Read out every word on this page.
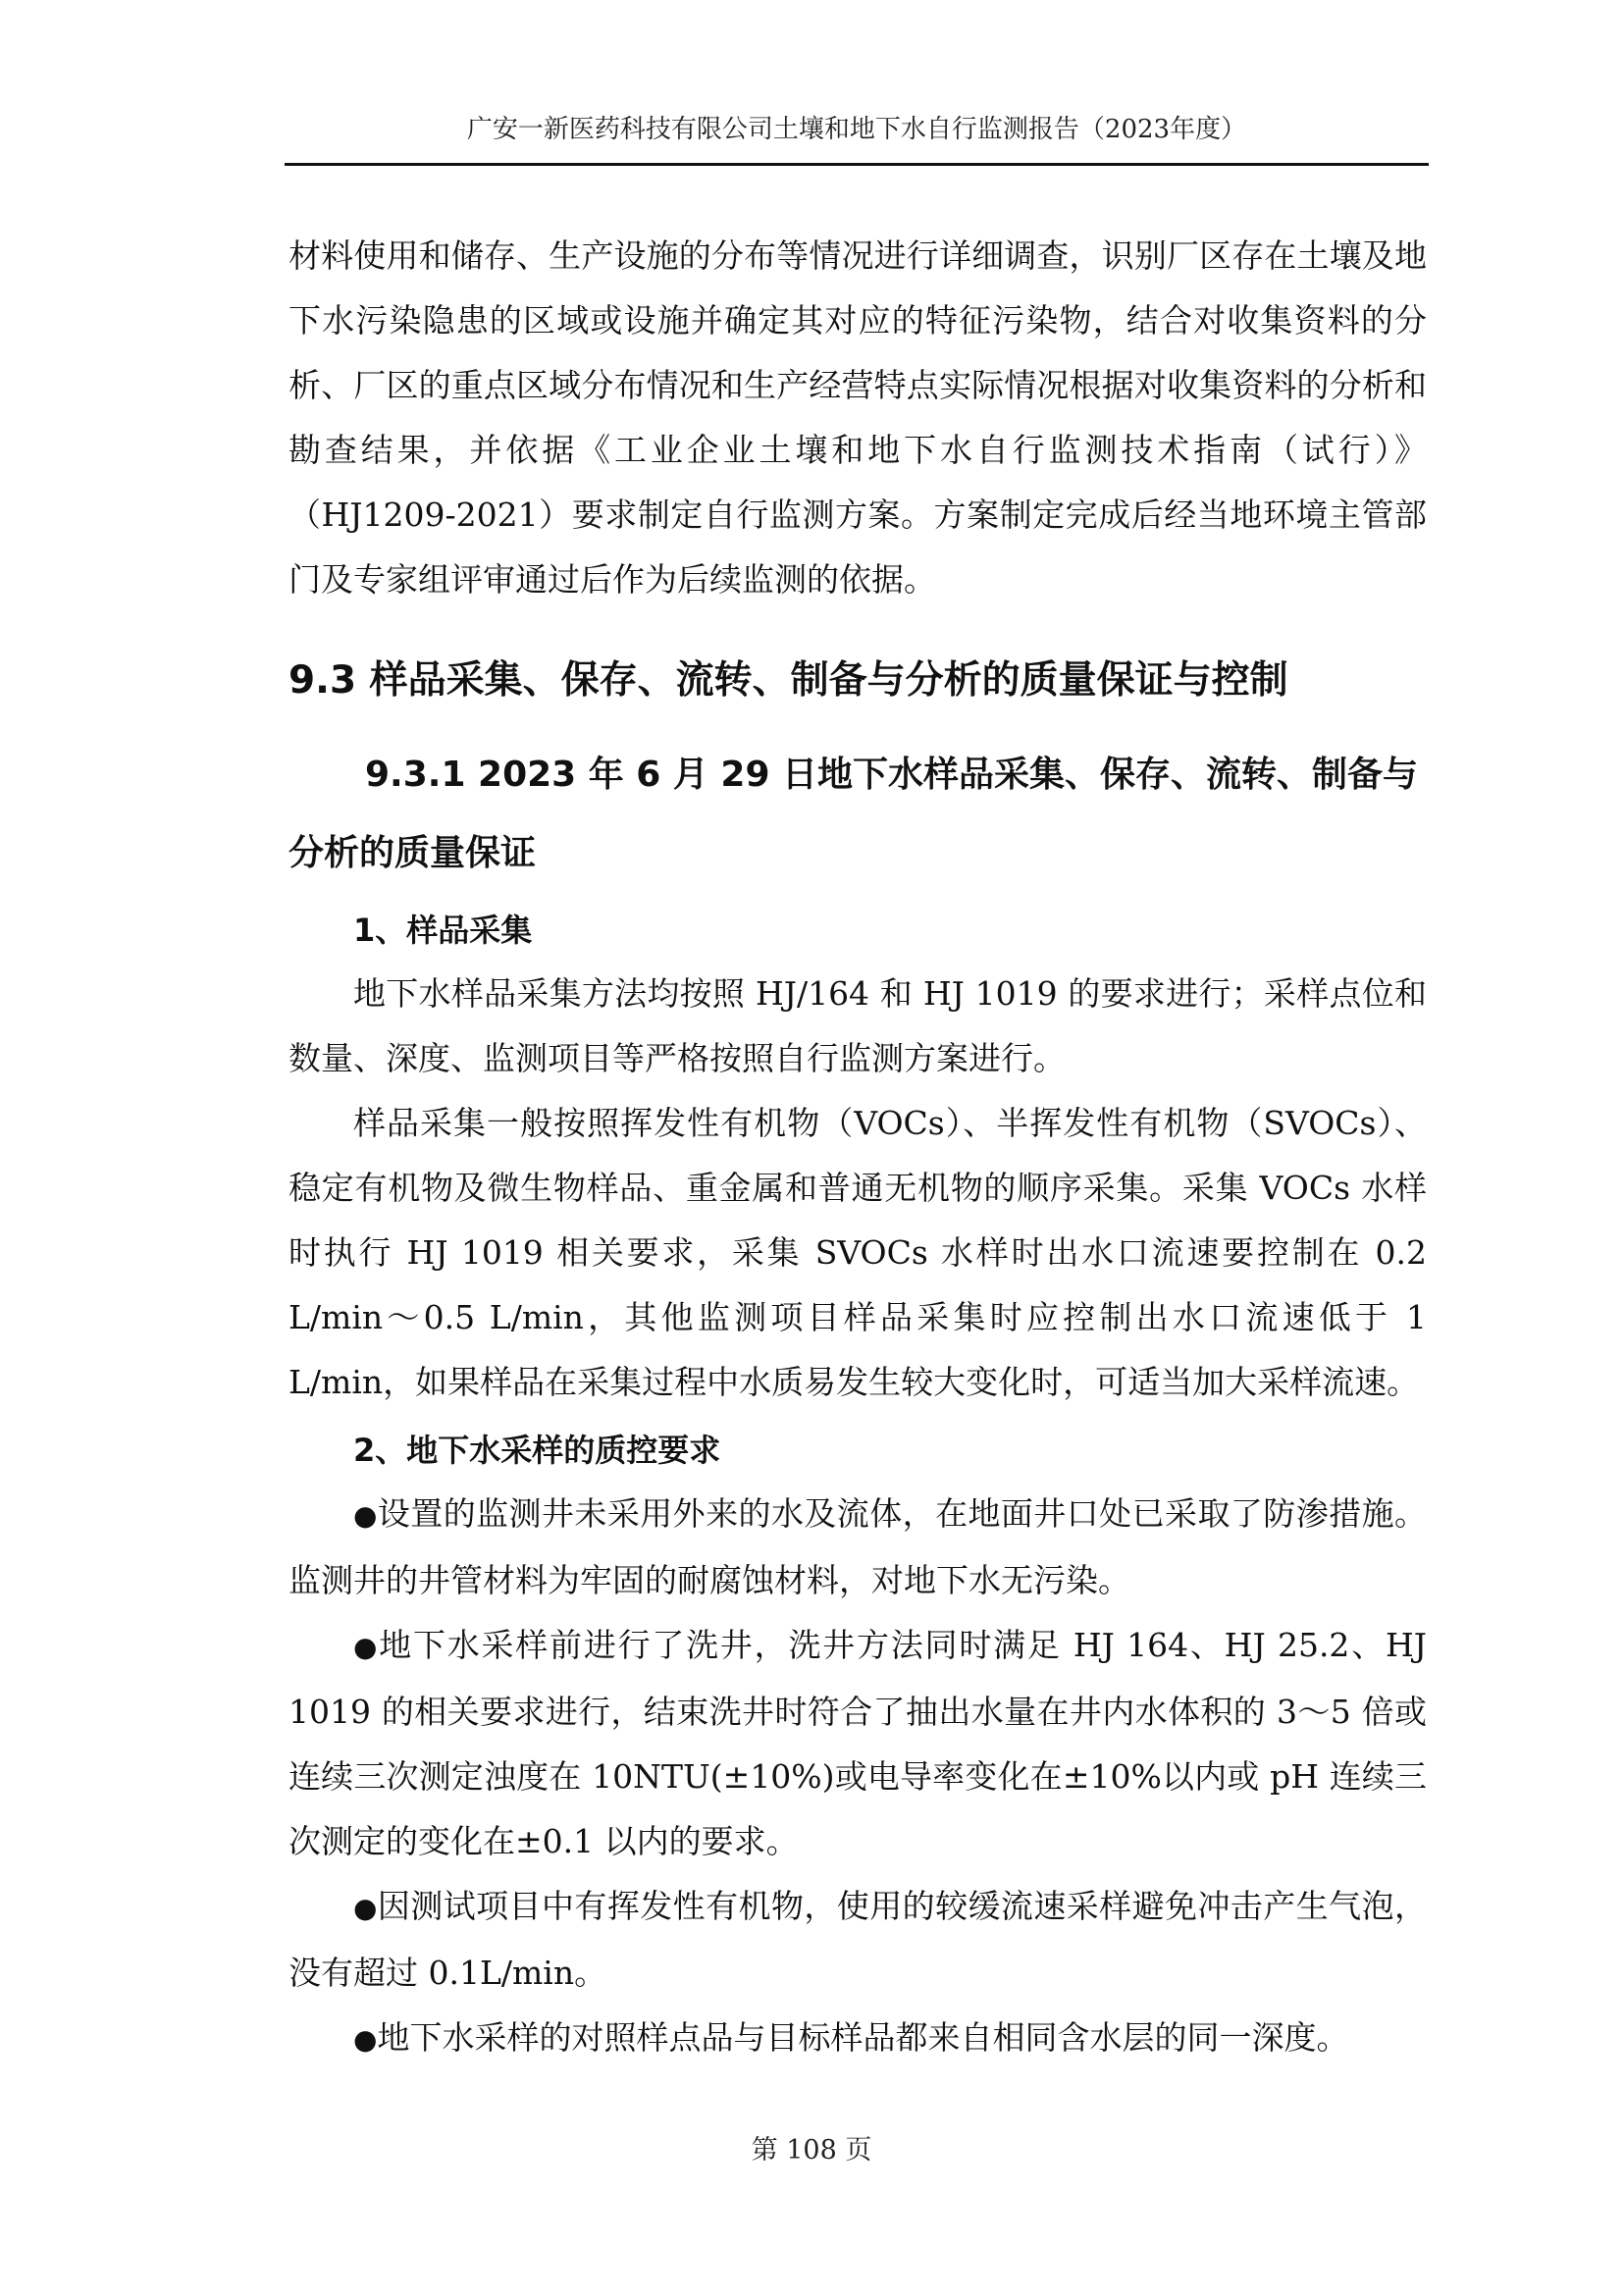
广安一新医药科技有限公司土壤和地下水自行监测报告（2023年度）

材料使用和储存、生产设施的分布等情况进行详细调查，识别厂区存在土壤及地下水污染隐患的区域或设施并确定其对应的特征污染物，结合对收集资料的分析、厂区的重点区域分布情况和生产经营特点实际情况根据对收集资料的分析和勘查结果，并依据《工业企业土壤和地下水自行监测技术指南（试行）》（HJ1209-2021）要求制定自行监测方案。方案制定完成后经当地环境主管部门及专家组评审通过后作为后续监测的依据。

9.3 样品采集、保存、流转、制备与分析的质量保证与控制
9.3.1 2023 年 6 月 29 日地下水样品采集、保存、流转、制备与分析的质量保证
1、样品采集

地下水样品采集方法均按照 HJ/164 和 HJ 1019 的要求进行；采样点位和数量、深度、监测项目等严格按照自行监测方案进行。

样品采集一般按照挥发性有机物（VOCs）、半挥发性有机物（SVOCs）、稳定有机物及微生物样品、重金属和普通无机物的顺序采集。采集 VOCs 水样时执行 HJ 1019 相关要求，采集 SVOCs 水样时出水口流速要控制在 0.2 L/min～0.5 L/min，其他监测项目样品采集时应控制出水口流速低于 1 L/min，如果样品在采集过程中水质易发生较大变化时，可适当加大采样流速。

2、地下水采样的质控要求

●设置的监测井未采用外来的水及流体，在地面井口处已采取了防渗措施。监测井的井管材料为牢固的耐腐蚀材料，对地下水无污染。

●地下水采样前进行了洗井，洗井方法同时满足 HJ 164、HJ 25.2、HJ 1019 的相关要求进行，结束洗井时符合了抽出水量在井内水体积的 3～5 倍或连续三次测定浊度在 10NTU(±10%)或电导率变化在±10%以内或 pH 连续三次测定的变化在±0.1 以内的要求。

●因测试项目中有挥发性有机物，使用的较缓流速采样避免冲击产生气泡，没有超过 0.1L/min。

●地下水采样的对照样点品与目标样品都来自相同含水层的同一深度。

第 108 页
